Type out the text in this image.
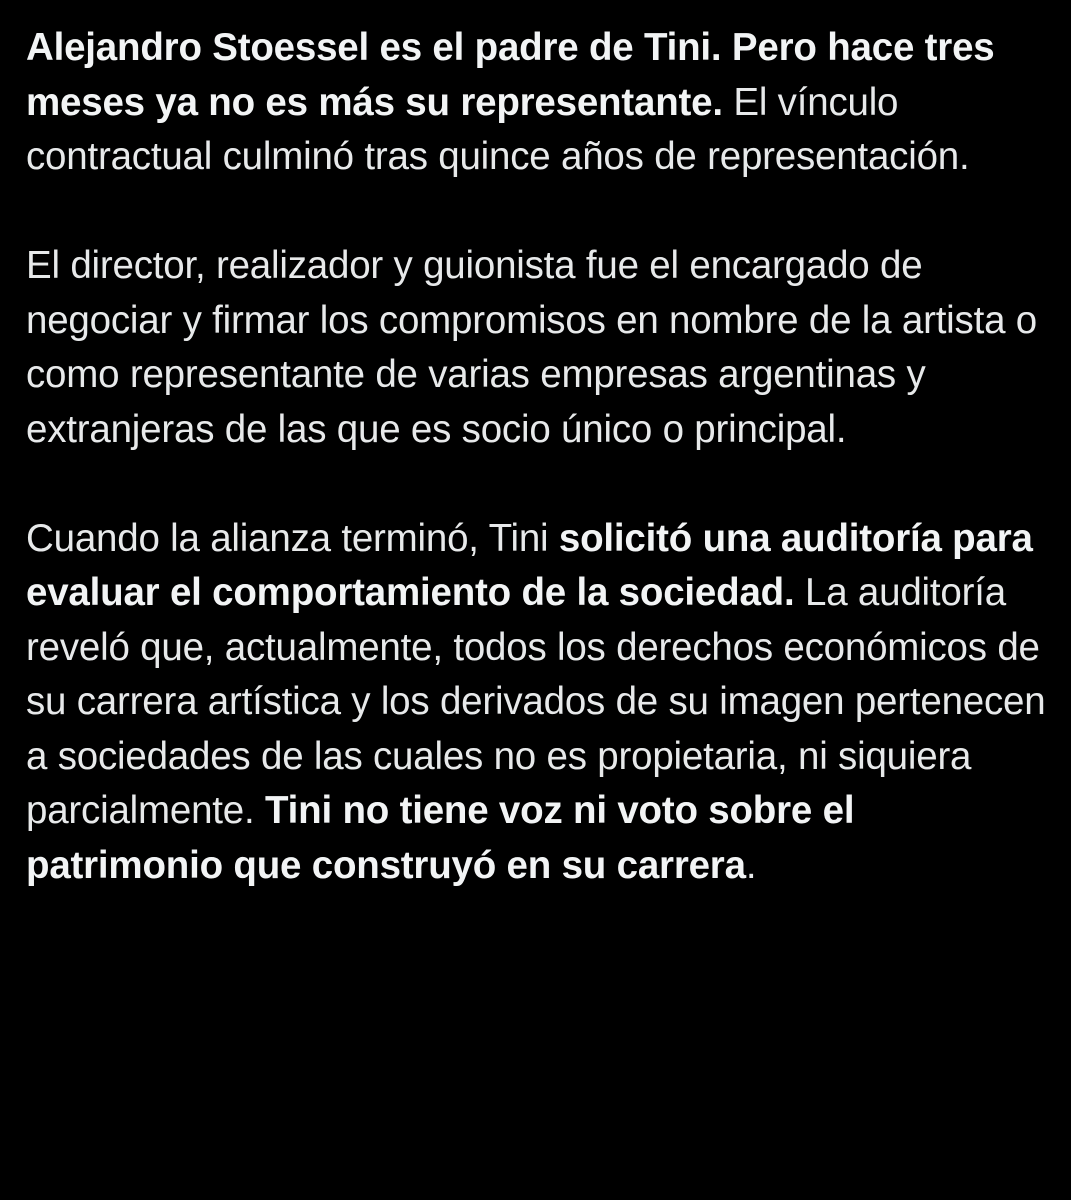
Alejandro Stoessel es el padre de Tini. Pero hace tres meses ya no es más su representante. El vínculo contractual culminó tras quince años de representación.

El director, realizador y guionista fue el encargado de negociar y firmar los compromisos en nombre de la artista o como representante de varias empresas argentinas y extranjeras de las que es socio único o principal.

Cuando la alianza terminó, Tini solicitó una auditoría para evaluar el comportamiento de la sociedad. La auditoría reveló que, actualmente, todos los derechos económicos de su carrera artística y los derivados de su imagen pertenecen a sociedades de las cuales no es propietaria, ni siquiera parcialmente. Tini no tiene voz ni voto sobre el patrimonio que construyó en su carrera.
